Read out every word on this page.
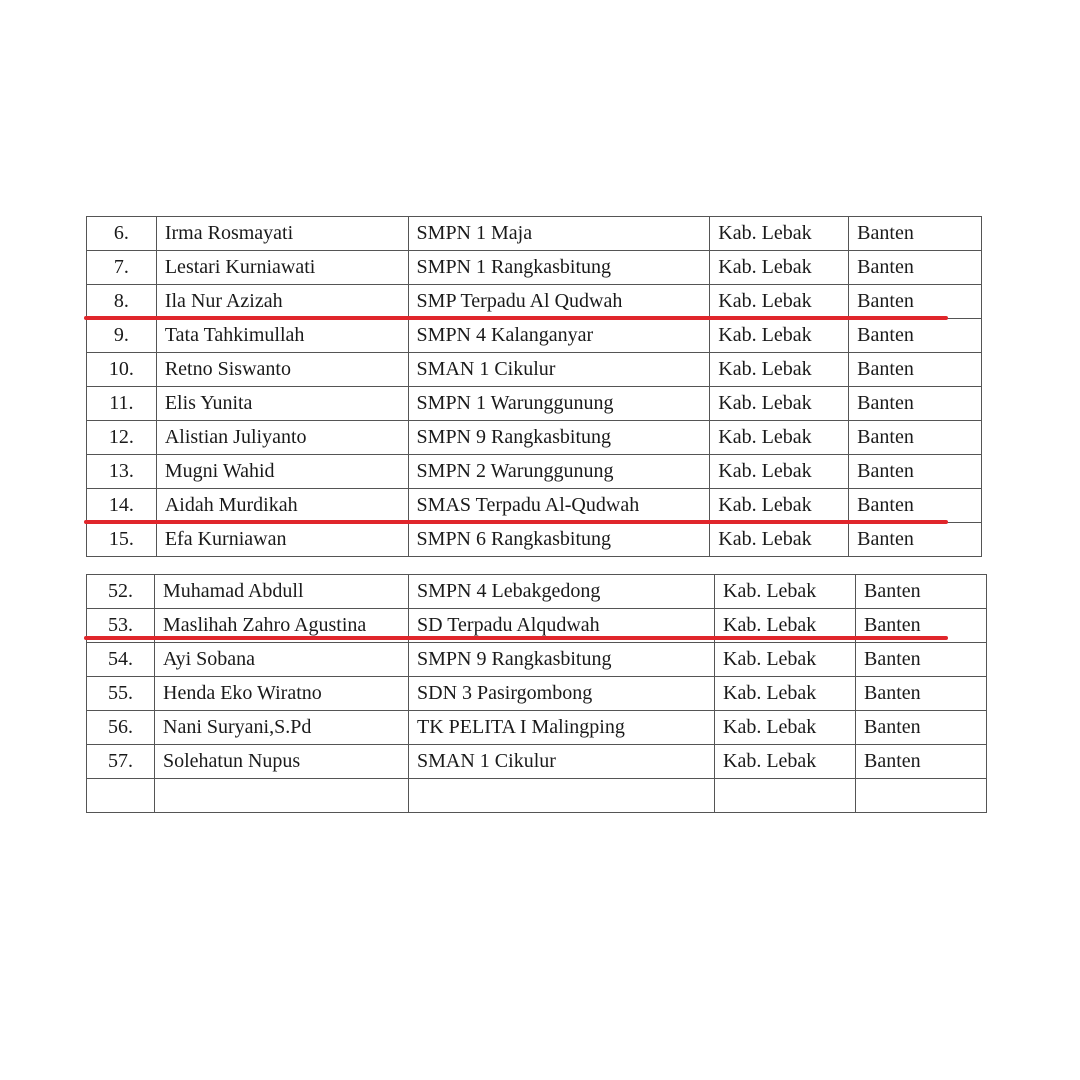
6.	Irma Rosmayati	SMPN 1 Maja	Kab. Lebak	Banten
7.	Lestari Kurniawati	SMPN 1 Rangkasbitung	Kab. Lebak	Banten
8.	Ila Nur Azizah	SMP Terpadu Al Qudwah	Kab. Lebak	Banten
9.	Tata Tahkimullah	SMPN 4 Kalanganyar	Kab. Lebak	Banten
10.	Retno Siswanto	SMAN 1 Cikulur	Kab. Lebak	Banten
11.	Elis Yunita	SMPN 1 Warunggunung	Kab. Lebak	Banten
12.	Alistian Juliyanto	SMPN 9 Rangkasbitung	Kab. Lebak	Banten
13.	Mugni Wahid	SMPN 2 Warunggunung	Kab. Lebak	Banten
14.	Aidah Murdikah	SMAS Terpadu Al-Qudwah	Kab. Lebak	Banten
15.	Efa Kurniawan	SMPN 6 Rangkasbitung	Kab. Lebak	Banten
52.	Muhamad Abdull	SMPN 4 Lebakgedong	Kab. Lebak	Banten
53.	Maslihah Zahro Agustina	SD Terpadu Alqudwah	Kab. Lebak	Banten
54.	Ayi Sobana	SMPN 9 Rangkasbitung	Kab. Lebak	Banten
55.	Henda Eko Wiratno	SDN 3 Pasirgombong	Kab. Lebak	Banten
56.	Nani Suryani,S.Pd	TK PELITA I Malingping	Kab. Lebak	Banten
57.	Solehatun Nupus	SMAN 1 Cikulur	Kab. Lebak	Banten
